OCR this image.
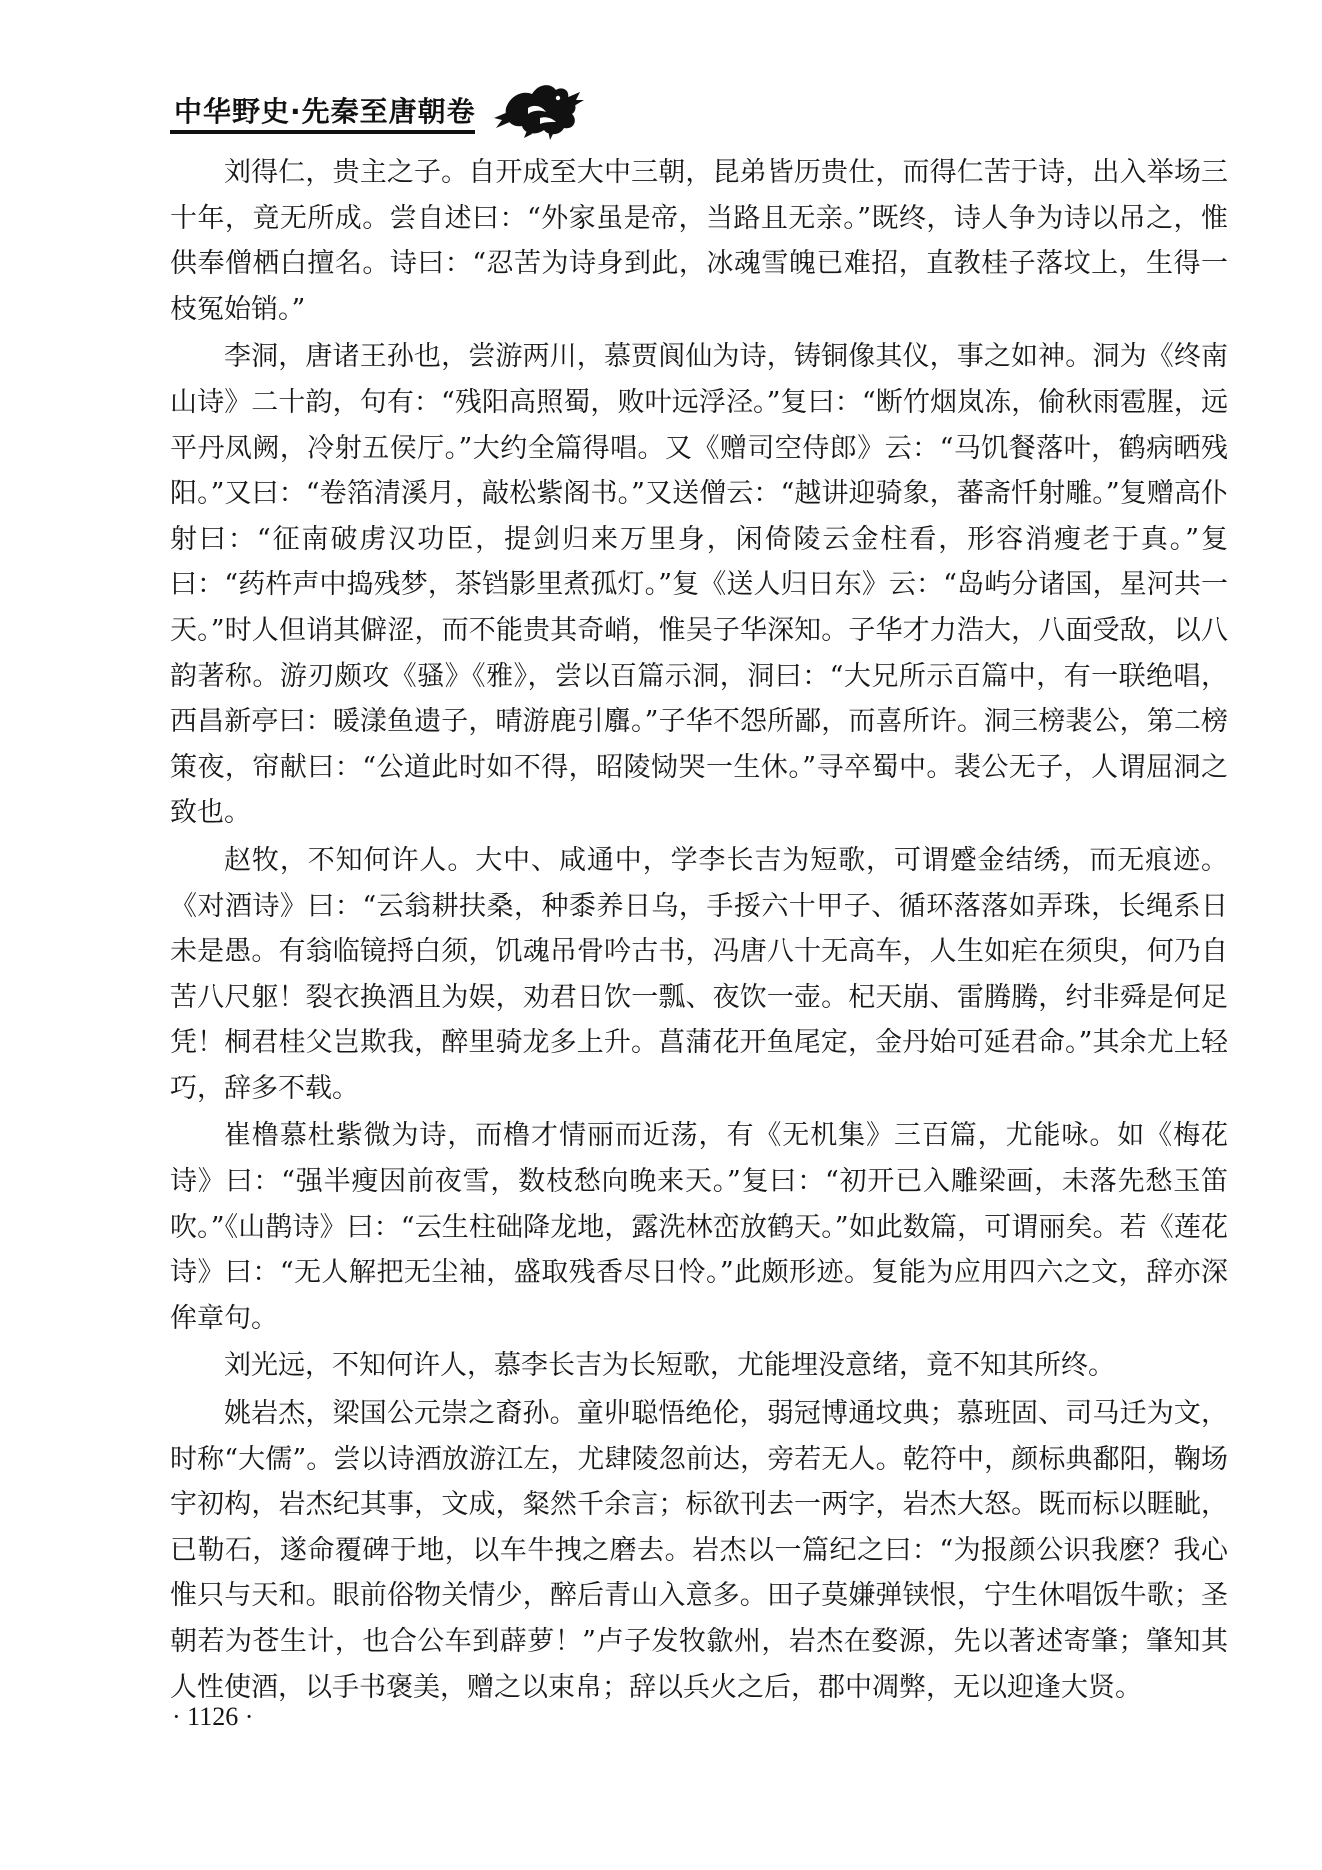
中华野史·先秦至唐朝卷

刘得仁，贵主之子。自开成至大中三朝，昆弟皆历贵仕，而得仁苦于诗，出入举场三十年，竟无所成。尝自述曰：“外家虽是帝，当路且无亲。”既终，诗人争为诗以吊之，惟供奉僧栖白擅名。诗曰：“忍苦为诗身到此，冰魂雪魄已难招，直教桂子落坟上，生得一枝冤始销。”

李洞，唐诸王孙也，尝游两川，慕贾阆仙为诗，铸铜像其仪，事之如神。洞为《终南山诗》二十韵，句有：“残阳高照蜀，败叶远浮泾。”复曰：“断竹烟岚冻，偷秋雨雹腥，远平丹凤阙，冷射五侯厅。”大约全篇得唱。又《赠司空侍郎》云：“马饥餐落叶，鹤病晒残阳。”又曰：“卷箔清溪月，敲松紫阁书。”又送僧云：“越讲迎骑象，蕃斋忏射雕。”复赠高仆射曰：“征南破虏汉功臣，提剑归来万里身，闲倚陵云金柱看，形容消瘦老于真。”复曰：“药杵声中捣残梦，茶铛影里煮孤灯。”复《送人归日东》云：“岛屿分诸国，星河共一天。”时人但诮其僻涩，而不能贵其奇峭，惟吴子华深知。子华才力浩大，八面受敌，以八韵著称。游刃颇攻《骚》《雅》，尝以百篇示洞，洞曰：“大兄所示百篇中，有一联绝唱，西昌新亭曰：暖漾鱼遗子，晴游鹿引麛。”子华不怨所鄙，而喜所许。洞三榜裴公，第二榜策夜，帘献曰：“公道此时如不得，昭陵恸哭一生休。”寻卒蜀中。裴公无子，人谓屈洞之致也。

赵牧，不知何许人。大中、咸通中，学李长吉为短歌，可谓蹙金结绣，而无痕迹。《对酒诗》曰：“云翁耕扶桑，种黍养日乌，手挼六十甲子、循环落落如弄珠，长绳系日未是愚。有翁临镜捋白须，饥魂吊骨吟古书，冯唐八十无高车，人生如疟在须臾，何乃自苦八尺躯！裂衣换酒且为娱，劝君日饮一瓢、夜饮一壶。杞天崩、雷腾腾，纣非舜是何足凭！桐君桂父岂欺我，醉里骑龙多上升。菖蒲花开鱼尾定，金丹始可延君命。”其余尤上轻巧，辞多不载。

崔橹慕杜紫微为诗，而橹才情丽而近荡，有《无机集》三百篇，尤能咏。如《梅花诗》曰：“强半瘦因前夜雪，数枝愁向晚来天。”复曰：“初开已入雕梁画，未落先愁玉笛吹。”《山鹊诗》曰：“云生柱础降龙地，露洗林峦放鹤天。”如此数篇，可谓丽矣。若《莲花诗》曰：“无人解把无尘袖，盛取残香尽日怜。”此颇形迹。复能为应用四六之文，辞亦深侔章句。

刘光远，不知何许人，慕李长吉为长短歌，尤能埋没意绪，竟不知其所终。

姚岩杰，梁国公元崇之裔孙。童丱聪悟绝伦，弱冠博通坟典；慕班固、司马迁为文，时称“大儒”。尝以诗酒放游江左，尤肆陵忽前达，旁若无人。乾符中，颜标典鄱阳，鞠场宇初构，岩杰纪其事，文成，粲然千余言；标欲刊去一两字，岩杰大怒。既而标以睚眦，已勒石，遂命覆碑于地，以车牛拽之磨去。岩杰以一篇纪之曰：“为报颜公识我麽？我心惟只与天和。眼前俗物关情少，醉后青山入意多。田子莫嫌弹铗恨，宁生休唱饭牛歌；圣朝若为苍生计，也合公车到薜萝！”卢子发牧歙州，岩杰在婺源，先以著述寄肇；肇知其人性使酒，以手书褒美，赠之以束帛；辞以兵火之后，郡中凋弊，无以迎逢大贤。

· 1126 ·
